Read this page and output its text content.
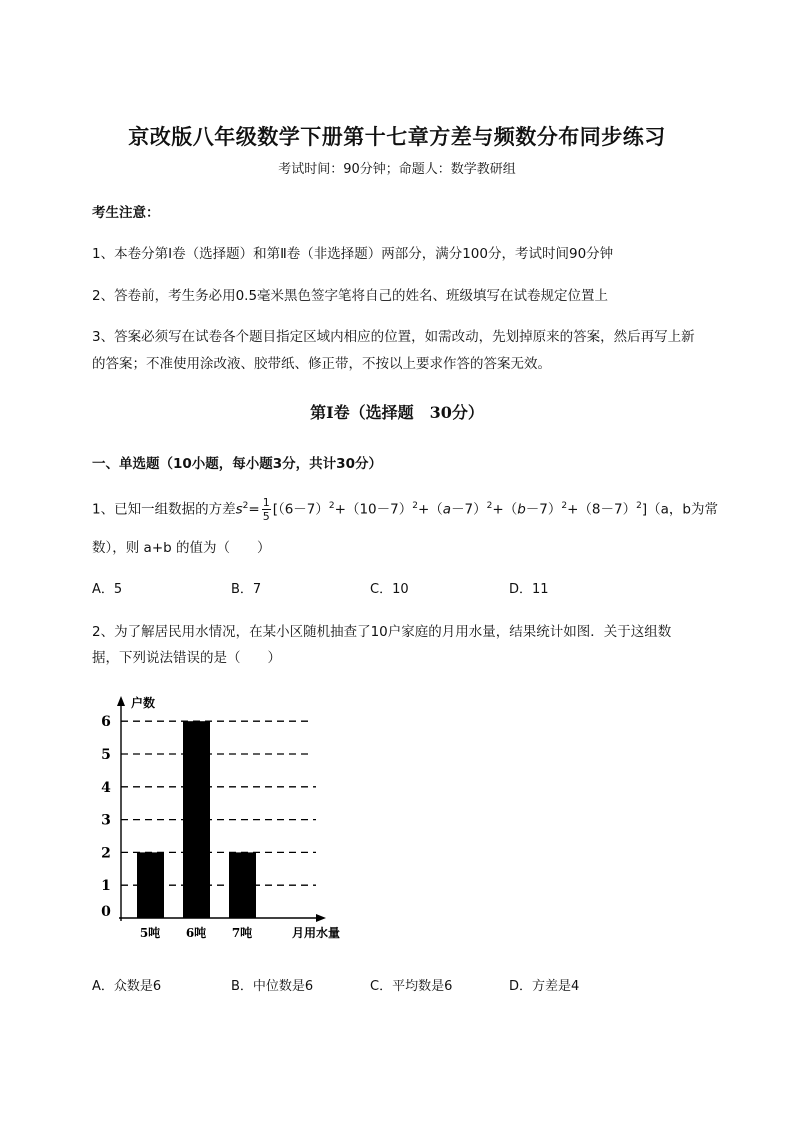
京改版八年级数学下册第十七章方差与频数分布同步练习
考试时间：90分钟；命题人：数学教研组
考生注意：
1、本卷分第I卷（选择题）和第Ⅱ卷（非选择题）两部分，满分100分，考试时间90分钟
2、答卷前，考生务必用0.5毫米黑色签字笔将自己的姓名、班级填写在试卷规定位置上
3、答案必须写在试卷各个题目指定区域内相应的位置，如需改动，先划掉原来的答案，然后再写上新
的答案；不准使用涂改液、胶带纸、修正带，不按以上要求作答的答案无效。
第I卷（选择题　30分）
一、单选题（10小题，每小题3分，共计30分）
1、已知一组数据的方差$s^2= \frac{1}{5} [(6-7)^2+(10-7)^2+(a-7)^2+(b-7)^2+(8-7)^2](a$，b为常
数），则 a+b 的值为（　　）
A．5	B．7	C．10	D．11
2、为了解居民用水情况，在某小区随机抽查了10户家庭的月用水量，结果统计如图．关于这组数
据，下列说法错误的是（　　）
0
1
2
3
4
5
6
5吨 6吨 7吨
户数
月用水量
A．众数是6	B．中位数是6	C．平均数是6	D．方差是4
